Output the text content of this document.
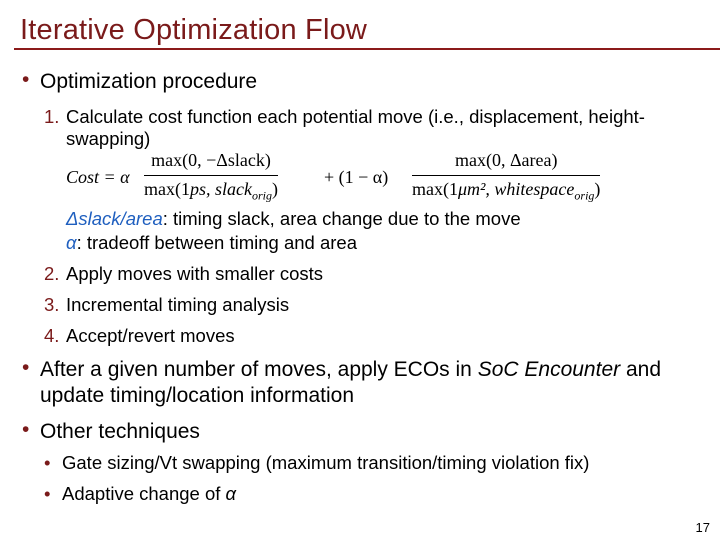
Iterative Optimization Flow
• Optimization procedure
1. Calculate cost function each potential move (i.e., displacement, height-
swapping)
Cost = α
max(0, −Δslack)
max(1ps, slack$_{orig}$)
+ (1 − α)
max(0, Δarea)
max(1μm², whitespace$_{orig}$)
Δslack/area: timing slack, area change due to the move
α: tradeoff between timing and area
2. Apply moves with smaller costs
3. Incremental timing analysis
4. Accept/revert moves
• After a given number of moves, apply ECOs in SoC Encounter and
update timing/location information
• Other techniques
• Gate sizing/Vt swapping (maximum transition/timing violation fix)
• Adaptive change of α
17
